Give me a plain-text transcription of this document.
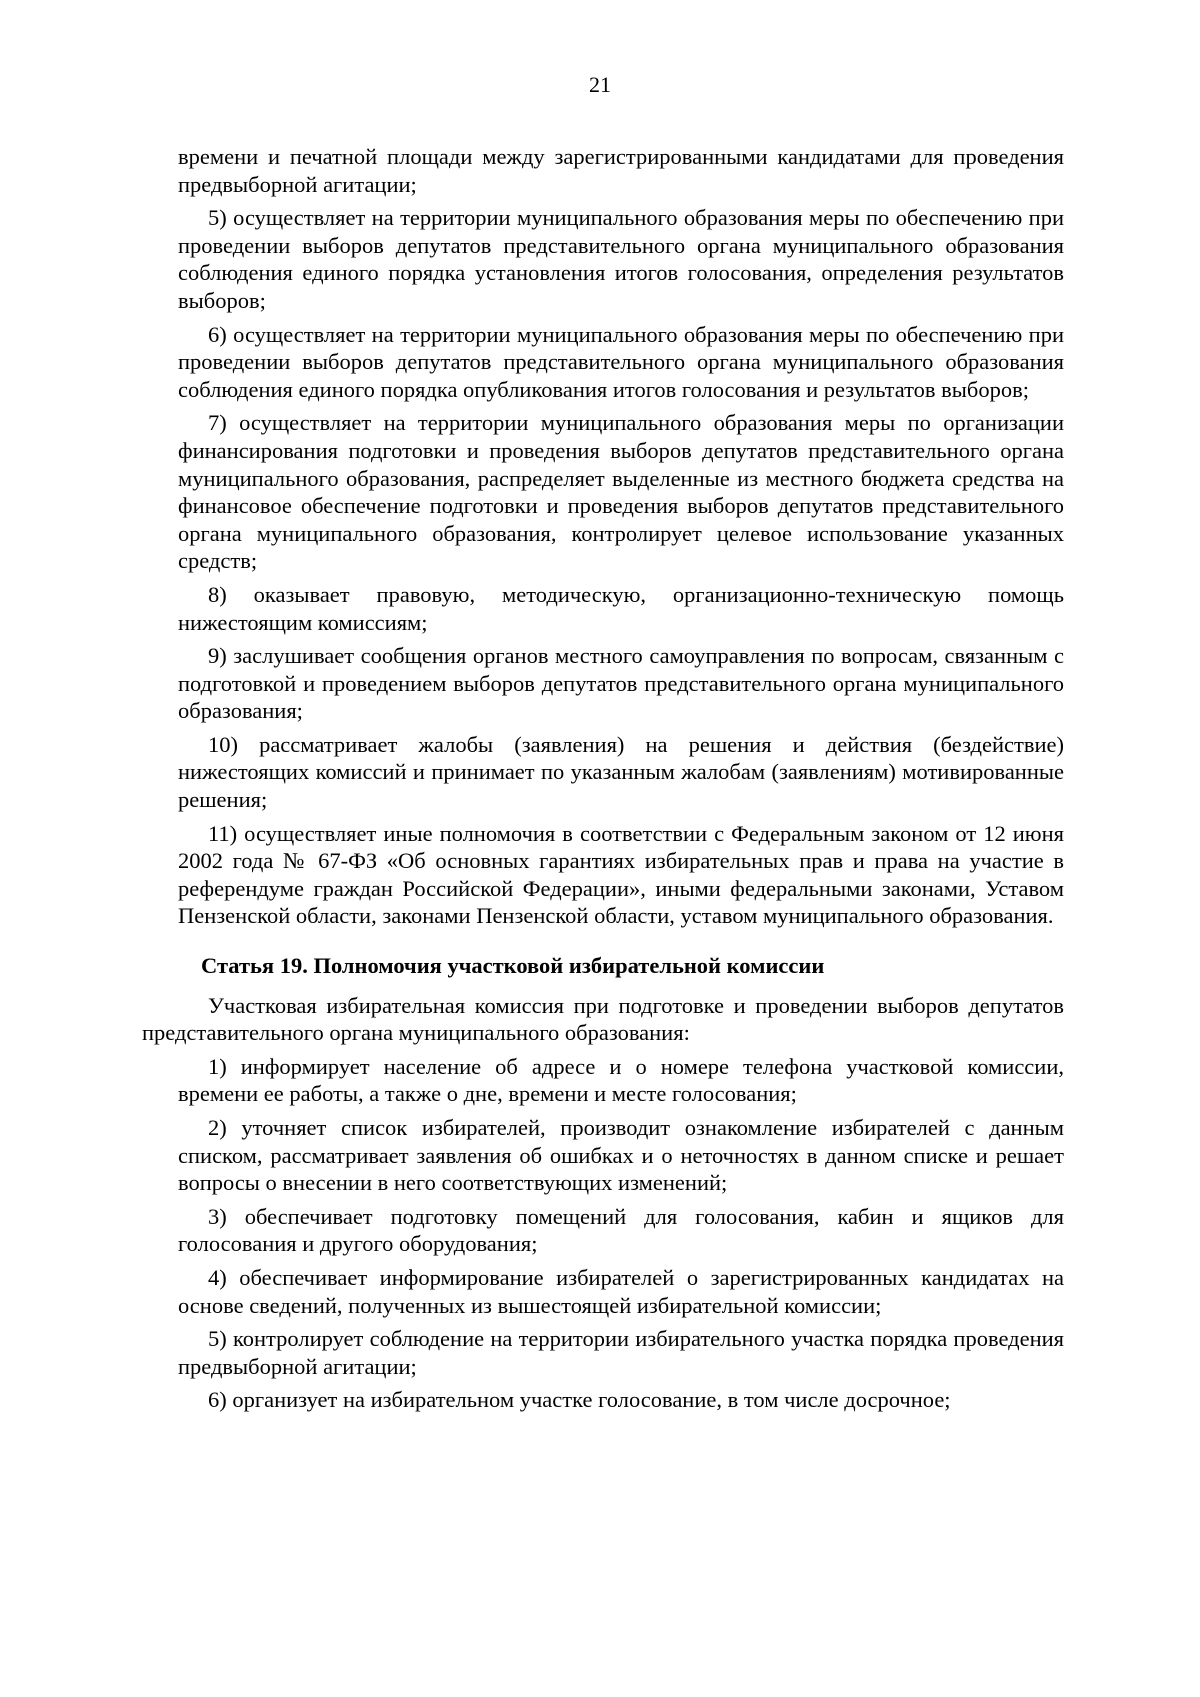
21

времени и печатной площади между зарегистрированными кандидатами для проведения предвыборной агитации;

5) осуществляет на территории муниципального образования меры по обеспечению при проведении выборов депутатов представительного органа муниципального образования соблюдения единого порядка установления итогов голосования, определения результатов выборов;

6) осуществляет на территории муниципального образования меры по обеспечению при проведении выборов депутатов представительного органа муниципального образования соблюдения единого порядка опубликования итогов голосования и результатов выборов;

7) осуществляет на территории муниципального образования меры по организации финансирования подготовки и проведения выборов депутатов представительного органа муниципального образования, распределяет выделенные из местного бюджета средства на финансовое обеспечение подготовки и проведения выборов депутатов представительного органа муниципального образования, контролирует целевое использование указанных средств;

8) оказывает правовую, методическую, организационно-техническую помощь нижестоящим комиссиям;

9) заслушивает сообщения органов местного самоуправления по вопросам, связанным с подготовкой и проведением выборов депутатов представительного органа муниципального образования;

10) рассматривает жалобы (заявления) на решения и действия (бездействие) нижестоящих комиссий и принимает по указанным жалобам (заявлениям) мотивированные решения;

11) осуществляет иные полномочия в соответствии с Федеральным законом от 12 июня 2002 года № 67-ФЗ «Об основных гарантиях избирательных прав и права на участие в референдуме граждан Российской Федерации», иными федеральными законами, Уставом Пензенской области, законами Пензенской области, уставом муниципального образования.

Статья 19. Полномочия участковой избирательной комиссии

Участковая избирательная комиссия при подготовке и проведении выборов депутатов представительного органа муниципального образования:

1) информирует население об адресе и о номере телефона участковой комиссии, времени ее работы, а также о дне, времени и месте голосования;

2) уточняет список избирателей, производит ознакомление избирателей с данным списком, рассматривает заявления об ошибках и о неточностях в данном списке и решает вопросы о внесении в него соответствующих изменений;

3) обеспечивает подготовку помещений для голосования, кабин и ящиков для голосования и другого оборудования;

4) обеспечивает информирование избирателей о зарегистрированных кандидатах на основе сведений, полученных из вышестоящей избирательной комиссии;

5) контролирует соблюдение на территории избирательного участка порядка проведения предвыборной агитации;

6) организует на избирательном участке голосование, в том числе досрочное;
